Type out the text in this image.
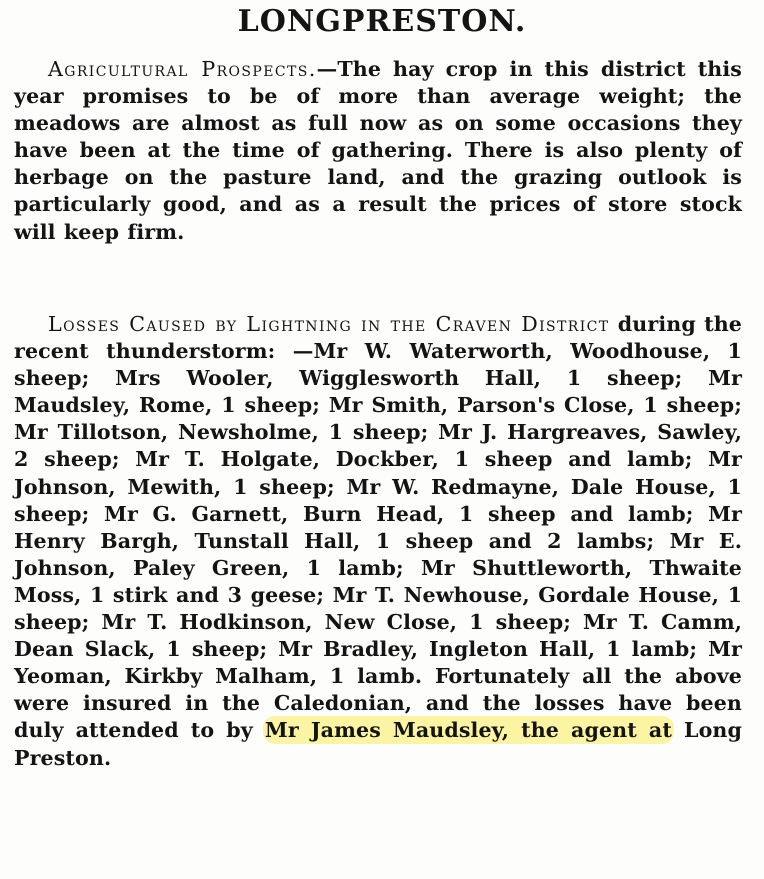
LONGPRESTON.

Agricultural Prospects.—The hay crop in this district this year promises to be of more than average weight; the meadows are almost as full now as on some occasions they have been at the time of gathering. There is also plenty of herbage on the pasture land, and the grazing outlook is particularly good, and as a result the prices of store stock will keep firm.

Losses Caused by Lightning in the Craven District during the recent thunderstorm: —Mr W. Waterworth, Woodhouse, 1 sheep; Mrs Wooler, Wigglesworth Hall, 1 sheep; Mr Maudsley, Rome, 1 sheep; Mr Smith, Parson's Close, 1 sheep; Mr Tillotson, Newsholme, 1 sheep; Mr J. Hargreaves, Sawley, 2 sheep; Mr T. Holgate, Dockber, 1 sheep and lamb; Mr Johnson, Mewith, 1 sheep; Mr W. Redmayne, Dale House, 1 sheep; Mr G. Garnett, Burn Head, 1 sheep and lamb; Mr Henry Bargh, Tunstall Hall, 1 sheep and 2 lambs; Mr E. Johnson, Paley Green, 1 lamb; Mr Shuttleworth, Thwaite Moss, 1 stirk and 3 geese; Mr T. Newhouse, Gordale House, 1 sheep; Mr T. Hodkinson, New Close, 1 sheep; Mr T. Camm, Dean Slack, 1 sheep; Mr Bradley, Ingleton Hall, 1 lamb; Mr Yeoman, Kirkby Malham, 1 lamb. Fortunately all the above were insured in the Caledonian, and the losses have been duly attended to by Mr James Maudsley, the agent at Long Preston.
